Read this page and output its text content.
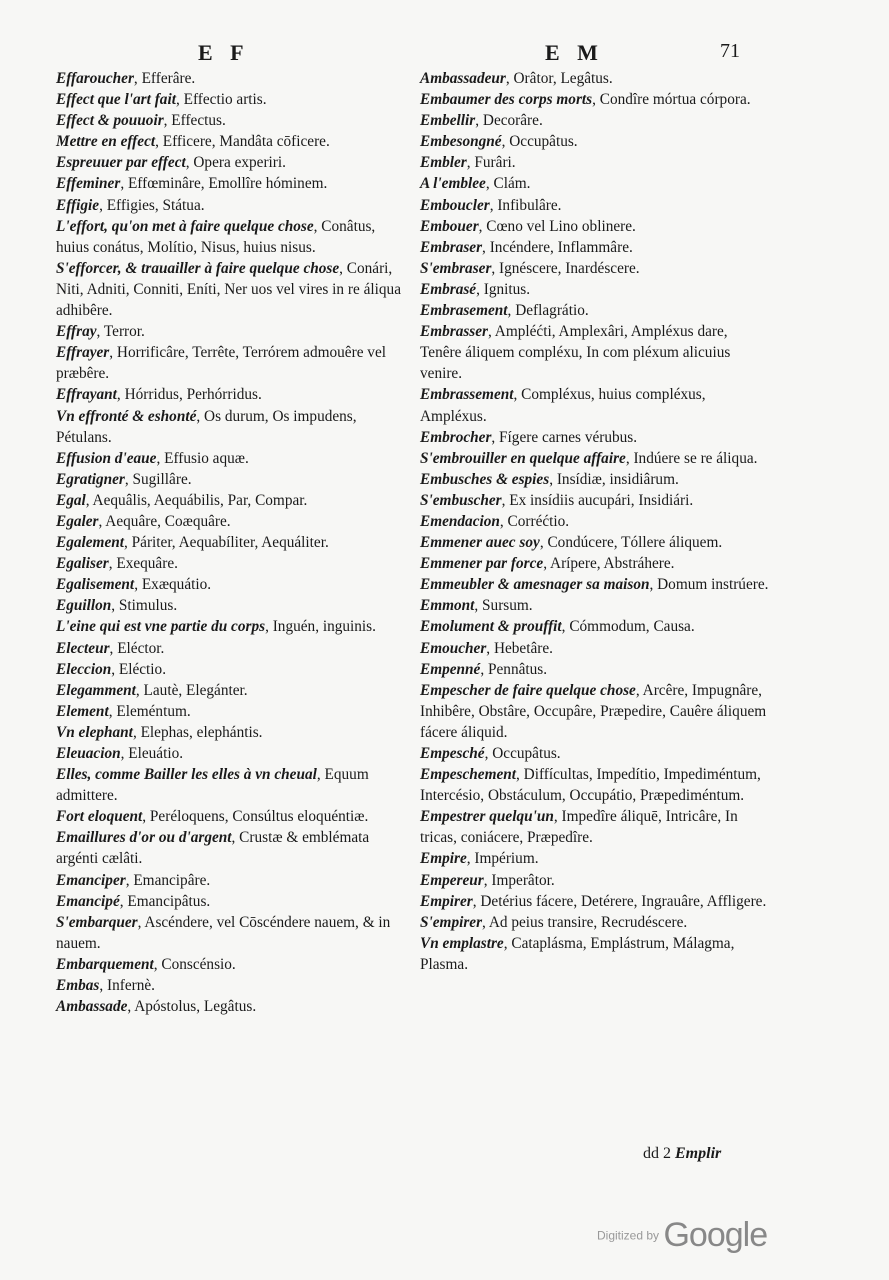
E F	E M	71
Effaroucher, Efferâre.
Effect que l'art fait, Effectio artis.
Effect & pouuoir, Effectus.
Mettre en effect, Efficere, Mandâta cōficere.
Espreuuer par effect, Opera experiri.
Effeminer, Effœminâre, Emollîre hóminem.
Effigie, Effigies, Státua.
L'effort, qu'on met à faire quelque chose, Conâtus, huius conátus, Molítio, Nisus, huius nisus.
S'efforcer, & trauailler à faire quelque chose, Conári, Niti, Adniti, Conniti, Eníti, Ner uos vel vires in re áliqua adhibêre.
Effray, Terror.
Effrayer, Horrificâre, Terrête, Terrórem admouêre vel præbêre.
Effrayant, Hórridus, Perhórridus.
Vn effronté & eshonté, Os durum, Os impudens, Pétulans.
Effusion d'eaue, Effusio aquæ.
Egratigner, Sugillâre.
Egal, Aequâlis, Aequábilis, Par, Compar.
Egaler, Aequâre, Coæquâre.
Egalement, Páriter, Aequabíliter, Aequáliter.
Egaliser, Exequâre.
Egalisement, Exæquátio.
Eguillon, Stimulus.
L'eine qui est vne partie du corps, Inguén, inguinis.
Electeur, Eléctor.
Eleccion, Eléctio.
Elegamment, Lautè, Elegánter.
Element, Eleméntum.
Vn elephant, Elephas, elephántis.
Eleuacion, Eleuátio.
Elles, comme Bailler les elles à vn cheual, Equum admittere.
Fort eloquent, Peréloquens, Consúltus eloquéntiæ.
Emaillures d'or ou d'argent, Crustæ & emblémata argénti cælâti.
Emanciper, Emancipâre.
Emancipé, Emancipâtus.
S'embarquer, Ascéndere, vel Cōscéndere nauem, & in nauem.
Embarquement, Conscénsio.
Embas, Infernè.
Ambassade, Apóstolus, Legâtus.
Ambassadeur, Orâtor, Legâtus.
Embaumer des corps morts, Condîre mórtua córpora.
Embellir, Decorâre.
Embesongné, Occupâtus.
Embler, Furâri.
A l'emblee, Clám.
Emboucler, Infibulâre.
Embouer, Cœno vel Lino oblinere.
Embraser, Incéndere, Inflammâre.
S'embraser, Ignéscere, Inardéscere.
Embrasé, Ignitus.
Embrasement, Deflagrátio.
Embrasser, Ampléćti, Amplexâri, Ampléxus dare, Tenêre áliquem compléxu, In com pléxum alicuius venire.
Embrassement, Compléxus, huius compléxus, Ampléxus.
Embrocher, Fígere carnes vérubus.
S'embrouiller en quelque affaire, Indúere se re áliqua.
Embusches & espies, Insídiæ, insidiârum.
S'embuscher, Ex insídiis aucupári, Insidiári.
Emendacion, Corréćtio.
Emmener auec soy, Condúcere, Tóllere áliquem.
Emmener par force, Arípere, Abstráhere.
Emmeubler & amesnager sa maison, Domum instrúere.
Emmont, Sursum.
Emolument & prouffit, Cómmodum, Causa.
Emoucher, Hebetâre.
Empenné, Pennâtus.
Empescher de faire quelque chose, Arcêre, Impugnâre, Inhibêre, Obstâre, Occupâre, Præpedire, Cauêre áliquem fácere áliquid.
Empesché, Occupâtus.
Empeschement, Diffícultas, Impedítio, Impediméntum, Intercésio, Obstáculum, Occupátio, Præpediméntum.
Empestrer quelqu'un, Impedîre áliquē, Intricâre, In tricas, coniácere, Præpedîre.
Empire, Impérium.
Empereur, Imperâtor.
Empirer, Detérius fácere, Detérere, Ingrauâre, Affligere.
S'empirer, Ad peius transire, Recrudéscere.
Vn emplastre, Cataplásma, Emplástrum, Málagma, Plasma.
dd 2 Emplir
Digitized by Google
